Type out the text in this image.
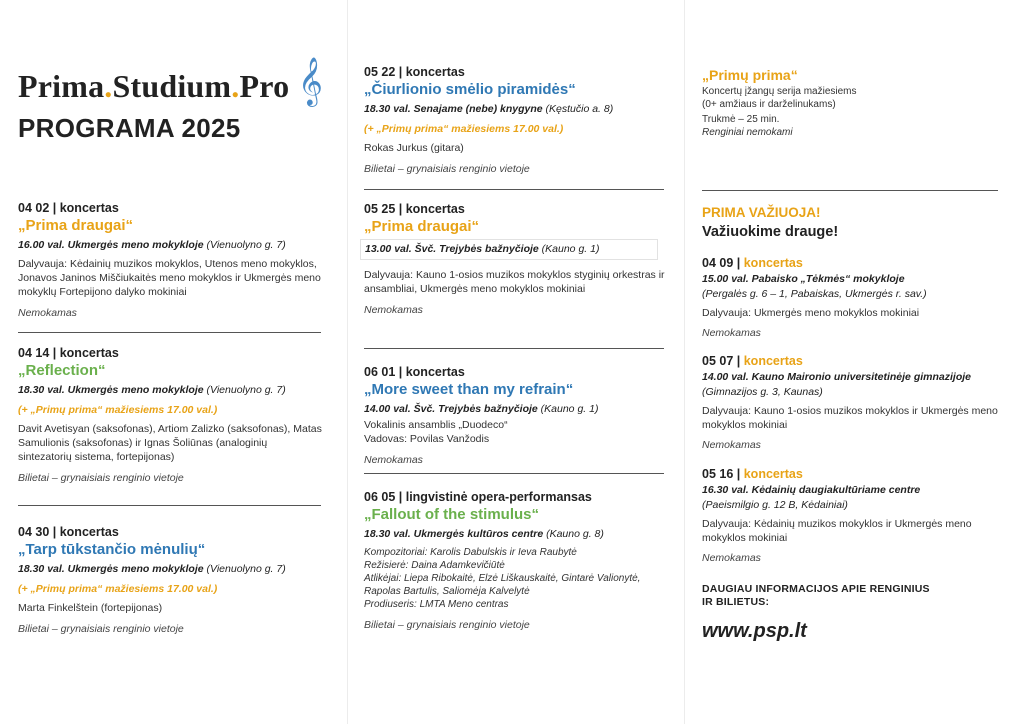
Prima.Studium.Pro 𝄞
PROGRAMA 2025
04 02 | koncertas
„Prima draugai“
16.00 val. Ukmergės meno mokykloje (Vienuolyno g. 7)
Dalyvauja: Kėdainių muzikos mokyklos, Utenos meno mokyklos, Jonavos Janinos Miščiukaitės meno mokyklos ir Ukmergės meno mokyklų Fortepijono dalyko mokiniai
Nemokamas
04 14 | koncertas
„Reflection“
18.30 val. Ukmergės meno mokykloje (Vienuolyno g. 7)
(+ „Primų prima“ mažiesiems 17.00 val.)
Davit Avetisyan (saksofonas), Artiom Zalizko (saksofonas), Matas Samulionis (saksofonas) ir Ignas Šoliūnas (analoginių sintezatorių sistema, fortepijonas)
Bilietai – grynaisiais renginio vietoje
04 30 | koncertas
„Tarp tūkstančio mėnulių“
18.30 val. Ukmergės meno mokykloje (Vienuolyno g. 7)
(+ „Primų prima“ mažiesiems 17.00 val.)
Marta Finkelštein (fortepijonas)
Bilietai – grynaisiais renginio vietoje
05 22 | koncertas
„Čiurlionio smėlio piramidės“
18.30 val. Senajame (nebe) knygyne (Kęstučio a. 8)
(+ „Primų prima“ mažiesiems 17.00 val.)
Rokas Jurkus (gitara)
Bilietai – grynaisiais renginio vietoje
05 25 | koncertas
„Prima draugai“
13.00 val. Švč. Trejybės bažnyčioje (Kauno g. 1)
Dalyvauja: Kauno 1-osios muzikos mokyklos styginių orkestras ir ansambliai, Ukmergės meno mokyklos mokiniai
Nemokamas
06 01 | koncertas
„More sweet than my refrain“
14.00 val. Švč. Trejybės bažnyčioje (Kauno g. 1)
Vokalinis ansamblis „Duodeco“
Vadovas: Povilas Vanžodis
Nemokamas
06 05 | lingvistinė opera-performansas
„Fallout of the stimulus“
18.30 val. Ukmergės kultūros centre (Kauno g. 8)
Kompozitoriai: Karolis Dabulskis ir Ieva Raubytė
Režisierė: Daina Adamkevičiūtė
Atlikėjai: Liepa Ribokaitė, Elzė Liškauskaitė, Gintarė Valionytė, Rapolas Bartulis, Saliomėja Kalvelytė
Prodiuseris: LMTA Meno centras
Bilietai – grynaisiais renginio vietoje
„Primų prima“
Koncertų įžangų serija mažiesiems
(0+ amžiaus ir darželinukams)
Trukmė – 25 min.
Renginiai nemokami
PRIMA VAŽIUOJA!
Važiuokime drauge!
04 09 | koncertas
15.00 val. Pabaisko „Tėkmės“ mokykloje
(Pergalės g. 6 – 1, Pabaiskas, Ukmergės r. sav.)
Dalyvauja: Ukmergės meno mokyklos mokiniai
Nemokamas
05 07 | koncertas
14.00 val. Kauno Maironio universitetinėje gimnazijoje
(Gimnazijos g. 3, Kaunas)
Dalyvauja: Kauno 1-osios muzikos mokyklos ir Ukmergės meno mokyklos mokiniai
Nemokamas
05 16 | koncertas
16.30 val. Kėdainių daugiakultūriame centre
(Paeismilgio g. 12 B, Kėdainiai)
Dalyvauja: Kėdainių muzikos mokyklos ir Ukmergės meno mokyklos mokiniai
Nemokamas
DAUGIAU INFORMACIJOS APIE RENGINIUS
IR BILIETUS:
www.psp.lt
